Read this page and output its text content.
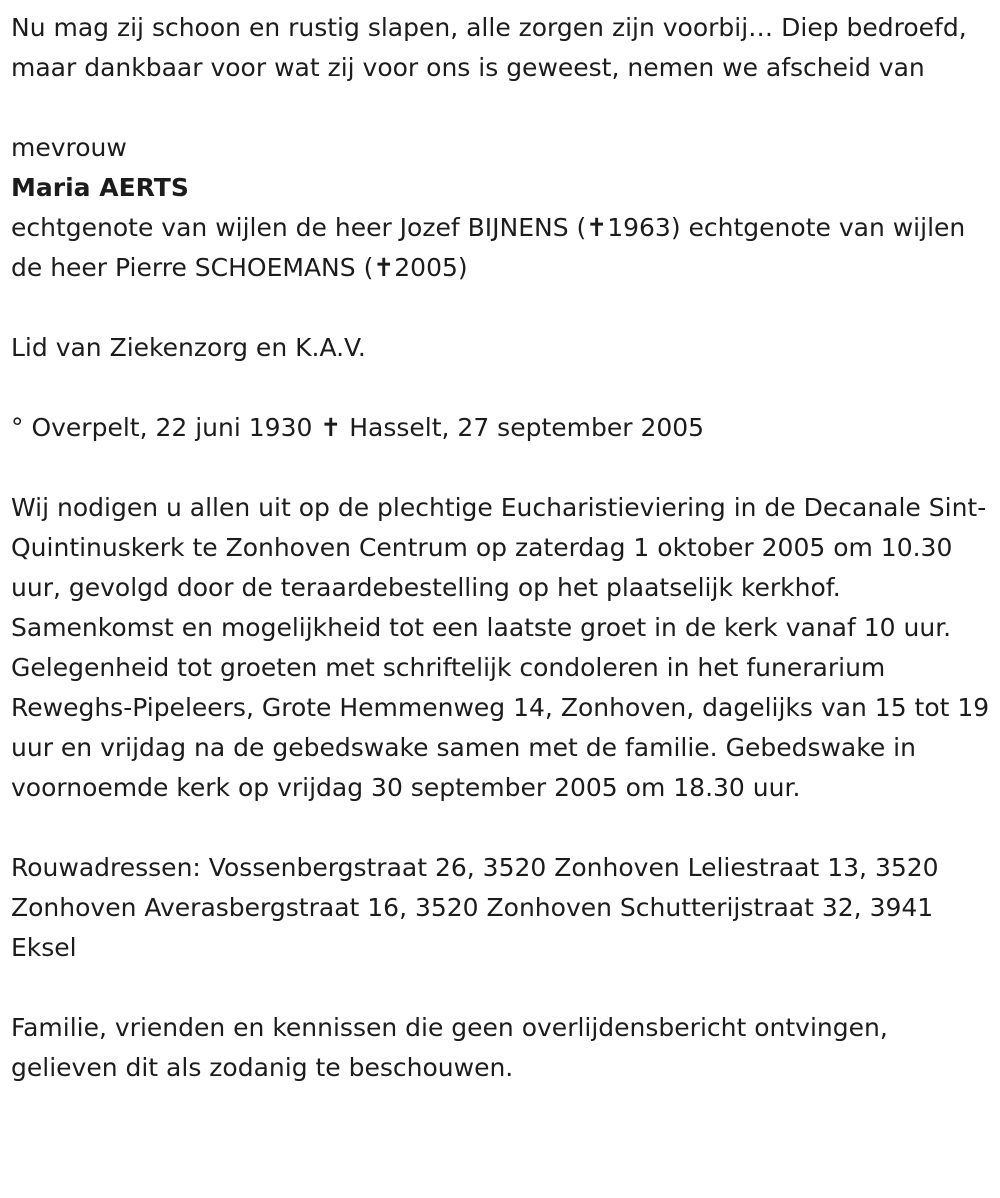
Nu mag zij schoon en rustig slapen, alle zorgen zijn voorbij… Diep bedroefd, maar dankbaar voor wat zij voor ons is geweest, nemen we afscheid van

mevrouw

Maria AERTS

echtgenote van wijlen de heer Jozef BIJNENS (✝1963) echtgenote van wijlen de heer Pierre SCHOEMANS (✝2005)

Lid van Ziekenzorg en K.A.V.

° Overpelt, 22 juni 1930 ✝ Hasselt, 27 september 2005

Wij nodigen u allen uit op de plechtige Eucharistieviering in de Decanale Sint-Quintinuskerk te Zonhoven Centrum op zaterdag 1 oktober 2005 om 10.30 uur, gevolgd door de teraardebestelling op het plaatselijk kerkhof. Samenkomst en mogelijkheid tot een laatste groet in de kerk vanaf 10 uur. Gelegenheid tot groeten met schriftelijk condoleren in het funerarium Reweghs-Pipeleers, Grote Hemmenweg 14, Zonhoven, dagelijks van 15 tot 19 uur en vrijdag na de gebedswake samen met de familie. Gebedswake in voornoemde kerk op vrijdag 30 september 2005 om 18.30 uur.

Rouwadressen: Vossenbergstraat 26, 3520 Zonhoven Leliestraat 13, 3520 Zonhoven Averasbergstraat 16, 3520 Zonhoven Schutterijstraat 32, 3941 Eksel

Familie, vrienden en kennissen die geen overlijdensbericht ontvingen, gelieven dit als zodanig te beschouwen.
